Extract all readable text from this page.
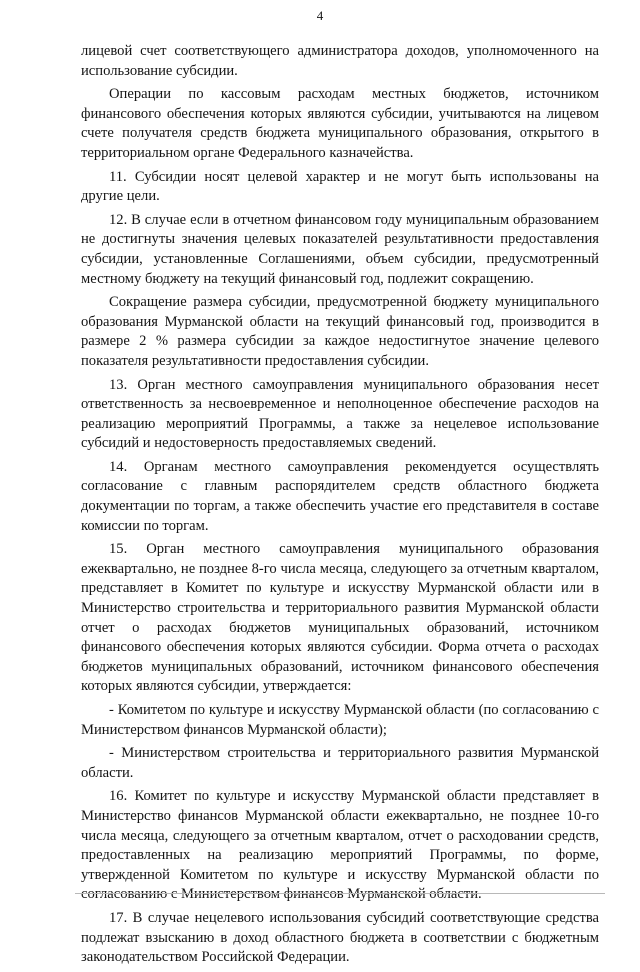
4

лицевой счет соответствующего администратора доходов, уполномоченного на использование субсидии.

Операции по кассовым расходам местных бюджетов, источником финансового обеспечения которых являются субсидии, учитываются на лицевом счете получателя средств бюджета муниципального образования, открытого в территориальном органе Федерального казначейства.

11. Субсидии носят целевой характер и не могут быть использованы на другие цели.

12. В случае если в отчетном финансовом году муниципальным образованием не достигнуты значения целевых показателей результативности предоставления субсидии, установленные Соглашениями, объем субсидии, предусмотренный местному бюджету на текущий финансовый год, подлежит сокращению.

Сокращение размера субсидии, предусмотренной бюджету муниципального образования Мурманской области на текущий финансовый год, производится в размере 2 % размера субсидии за каждое недостигнутое значение целевого показателя результативности предоставления субсидии.

13. Орган местного самоуправления муниципального образования несет ответственность за несвоевременное и неполноценное обеспечение расходов на реализацию мероприятий Программы, а также за нецелевое использование субсидий и недостоверность предоставляемых сведений.

14. Органам местного самоуправления рекомендуется осуществлять согласование с главным распорядителем средств областного бюджета документации по торгам, а также обеспечить участие его представителя в составе комиссии по торгам.

15. Орган местного самоуправления муниципального образования ежеквартально, не позднее 8-го числа месяца, следующего за отчетным кварталом, представляет в Комитет по культуре и искусству Мурманской области или в Министерство строительства и территориального развития Мурманской области отчет о расходах бюджетов муниципальных образований, источником финансового обеспечения которых являются субсидии. Форма отчета о расходах бюджетов муниципальных образований, источником финансового обеспечения которых являются субсидии, утверждается:

- Комитетом по культуре и искусству Мурманской области (по согласованию с Министерством финансов Мурманской области);

- Министерством строительства и территориального развития Мурманской области.

16. Комитет по культуре и искусству Мурманской области представляет в Министерство финансов Мурманской области ежеквартально, не позднее 10-го числа месяца, следующего за отчетным кварталом, отчет о расходовании средств, предоставленных на реализацию мероприятий Программы, по форме, утвержденной Комитетом по культуре и искусству Мурманской области по согласованию с Министерством финансов Мурманской области.

17. В случае нецелевого использования субсидий соответствующие средства подлежат взысканию в доход областного бюджета в соответствии с бюджетным законодательством Российской Федерации.
